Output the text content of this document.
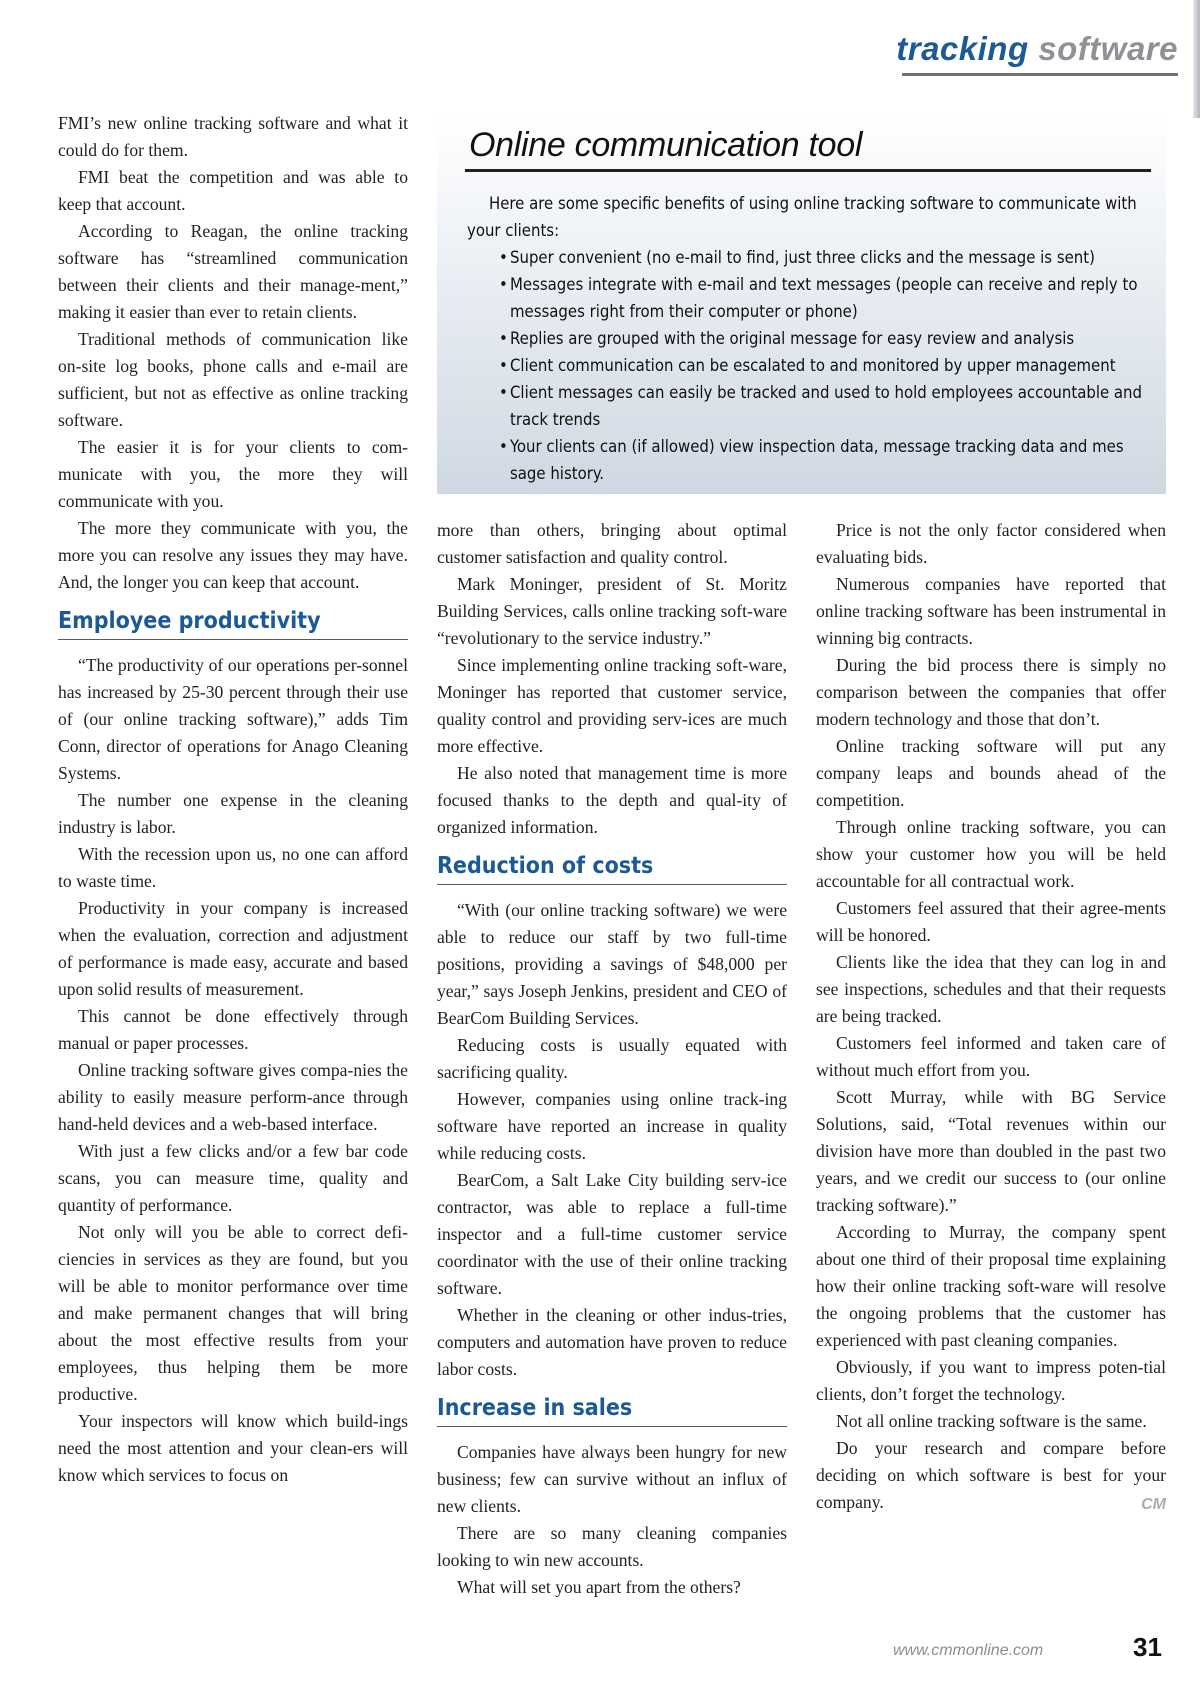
tracking software

FMI’s new online tracking software and what it could do for them.

FMI beat the competition and was able to keep that account.

According to Reagan, the online tracking software has “streamlined communication between their clients and their manage-ment,” making it easier than ever to retain clients.

Traditional methods of communication like on-site log books, phone calls and e-mail are sufficient, but not as effective as online tracking software.

The easier it is for your clients to com-municate with you, the more they will communicate with you.

The more they communicate with you, the more you can resolve any issues they may have. And, the longer you can keep that account.

Employee productivity

“The productivity of our operations per-sonnel has increased by 25-30 percent through their use of (our online tracking software),” adds Tim Conn, director of operations for Anago Cleaning Systems.

The number one expense in the cleaning industry is labor.

With the recession upon us, no one can afford to waste time.

Productivity in your company is increased when the evaluation, correction and adjustment of performance is made easy, accurate and based upon solid results of measurement.

This cannot be done effectively through manual or paper processes.

Online tracking software gives compa-nies the ability to easily measure perform-ance through hand-held devices and a web-based interface.

With just a few clicks and/or a few bar code scans, you can measure time, quality and quantity of performance.

Not only will you be able to correct defi-ciencies in services as they are found, but you will be able to monitor performance over time and make permanent changes that will bring about the most effective results from your employees, thus helping them be more productive.

Your inspectors will know which build-ings need the most attention and your clean-ers will know which services to focus on

Online communication tool

Here are some specific benefits of using online tracking software to communicate with your clients:

• Super convenient (no e-mail to find, just three clicks and the message is sent)
• Messages integrate with e-mail and text messages (people can receive and reply to messages right from their computer or phone)
• Replies are grouped with the original message for easy review and analysis
• Client communication can be escalated to and monitored by upper management
• Client messages can easily be tracked and used to hold employees accountable and track trends
• Your clients can (if allowed) view inspection data, message tracking data and mes sage history.

more than others, bringing about optimal customer satisfaction and quality control.

Mark Moninger, president of St. Moritz Building Services, calls online tracking soft-ware “revolutionary to the service industry.”

Since implementing online tracking soft-ware, Moninger has reported that customer service, quality control and providing serv-ices are much more effective.

He also noted that management time is more focused thanks to the depth and qual-ity of organized information.

Reduction of costs

“With (our online tracking software) we were able to reduce our staff by two full-time positions, providing a savings of $48,000 per year,” says Joseph Jenkins, president and CEO of BearCom Building Services.

Reducing costs is usually equated with sacrificing quality.

However, companies using online track-ing software have reported an increase in quality while reducing costs.

BearCom, a Salt Lake City building serv-ice contractor, was able to replace a full-time inspector and a full-time customer service coordinator with the use of their online tracking software.

Whether in the cleaning or other indus-tries, computers and automation have proven to reduce labor costs.

Increase in sales

Companies have always been hungry for new business; few can survive without an influx of new clients.

There are so many cleaning companies looking to win new accounts.

What will set you apart from the others?

Price is not the only factor considered when evaluating bids.

Numerous companies have reported that online tracking software has been instrumental in winning big contracts.

During the bid process there is simply no comparison between the companies that offer modern technology and those that don’t.

Online tracking software will put any company leaps and bounds ahead of the competition.

Through online tracking software, you can show your customer how you will be held accountable for all contractual work.

Customers feel assured that their agree-ments will be honored.

Clients like the idea that they can log in and see inspections, schedules and that their requests are being tracked.

Customers feel informed and taken care of without much effort from you.

Scott Murray, while with BG Service Solutions, said, “Total revenues within our division have more than doubled in the past two years, and we credit our success to (our online tracking software).”

According to Murray, the company spent about one third of their proposal time explaining how their online tracking soft-ware will resolve the ongoing problems that the customer has experienced with past cleaning companies.

Obviously, if you want to impress poten-tial clients, don’t forget the technology.

Not all online tracking software is the same.

Do your research and compare before deciding on which software is best for your company.	CM

www.cmmonline.com	31
